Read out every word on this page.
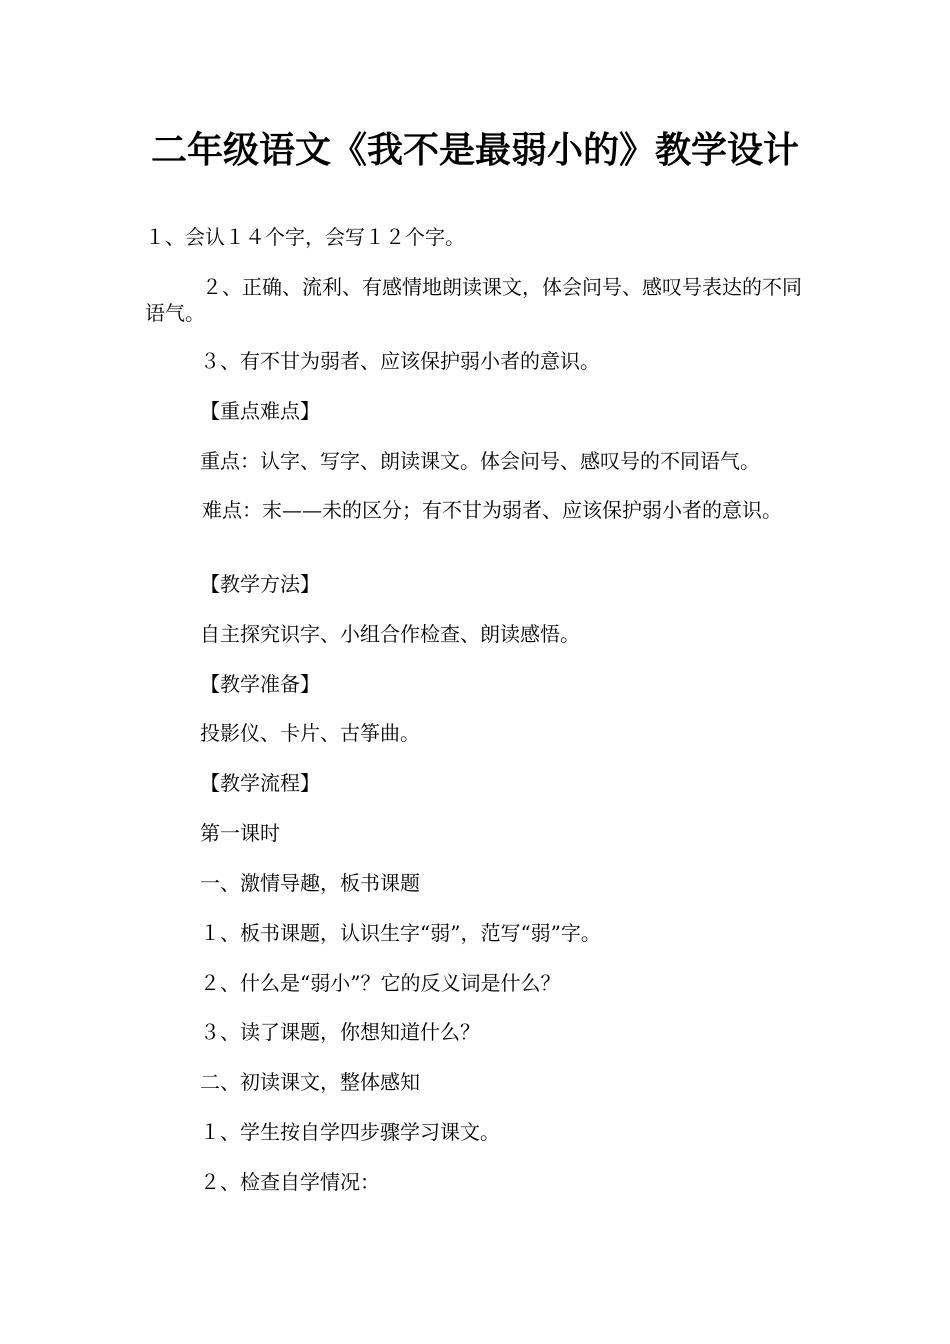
二年级语文《我不是最弱小的》教学设计

１、会认１４个字，会写１２个字。

２、正确、流利、有感情地朗读课文，体会问号、感叹号表达的不同语气。

３、有不甘为弱者、应该保护弱小者的意识。

【重点难点】

重点：认字、写字、朗读课文。体会问号、感叹号的不同语气。

难点：末——未的区分；有不甘为弱者、应该保护弱小者的意识。

【教学方法】

自主探究识字、小组合作检查、朗读感悟。

【教学准备】

投影仪、卡片、古筝曲。

【教学流程】

第一课时

一、激情导趣，板书课题

１、板书课题，认识生字“弱”，范写“弱”字。

２、什么是“弱小”？它的反义词是什么？

３、读了课题，你想知道什么？

二、初读课文，整体感知

１、学生按自学四步骤学习课文。

２、检查自学情况：
